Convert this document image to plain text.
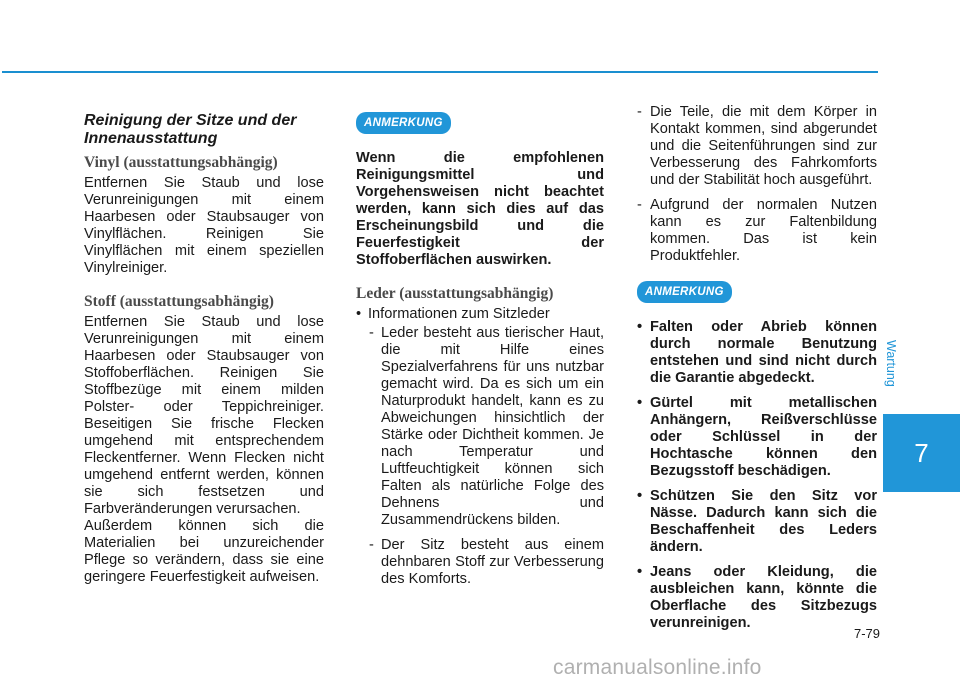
Reinigung der Sitze und der Innenausstattung
Vinyl (ausstattungsabhängig)

Entfernen Sie Staub und lose Verunreinigungen mit einem Haarbesen oder Staubsauger von Vinylflächen. Reinigen Sie Vinylflächen mit einem speziellen Vinylreiniger.

Stoff (ausstattungsabhängig)

Entfernen Sie Staub und lose Verunreinigungen mit einem Haarbesen oder Staubsauger von Stoffoberflächen. Reinigen Sie Stoffbezüge mit einem milden Polster- oder Teppichreiniger. Beseitigen Sie frische Flecken umgehend mit entsprechendem Fleckentferner. Wenn Flecken nicht umgehend entfernt werden, können sie sich festsetzen und Farbveränderungen verursachen.

Außerdem können sich die Materialien bei unzureichender Pflege so verändern, dass sie eine geringere Feuerfestigkeit aufweisen.

ANMERKUNG

Wenn die empfohlenen Reinigungsmittel und Vorgehensweisen nicht beachtet werden, kann sich dies auf das Erscheinungsbild und die Feuerfestigkeit der Stoffoberflächen auswirken.

Leder (ausstattungsabhängig)
• Informationen zum Sitzleder
- Leder besteht aus tierischer Haut, die mit Hilfe eines Spezialverfahrens für uns nutzbar gemacht wird. Da es sich um ein Naturprodukt handelt, kann es zu Abweichungen hinsichtlich der Stärke oder Dichtheit kommen. Je nach Temperatur und Luftfeuchtigkeit können sich Falten als natürliche Folge des Dehnens und Zusammendrückens bilden.
- Der Sitz besteht aus einem dehnbaren Stoff zur Verbesserung des Komforts.
- Die Teile, die mit dem Körper in Kontakt kommen, sind abgerundet und die Seitenführungen sind zur Verbesserung des Fahrkomforts und der Stabilität hoch ausgeführt.
- Aufgrund der normalen Nutzen kann es zur Faltenbildung kommen. Das ist kein Produktfehler.
ANMERKUNG
• Falten oder Abrieb können durch normale Benutzung entstehen und sind nicht durch die Garantie abgedeckt.
• Gürtel mit metallischen Anhängern, Reißverschlüsse oder Schlüssel in der Hochtasche können den Bezugsstoff beschädigen.
• Schützen Sie den Sitz vor Nässe. Dadurch kann sich die Beschaffenheit des Leders ändern.
• Jeans oder Kleidung, die ausbleichen kann, könnte die Oberflache des Sitzbezugs verunreinigen.
Wartung
7
7-79
carmanualsonline.info
